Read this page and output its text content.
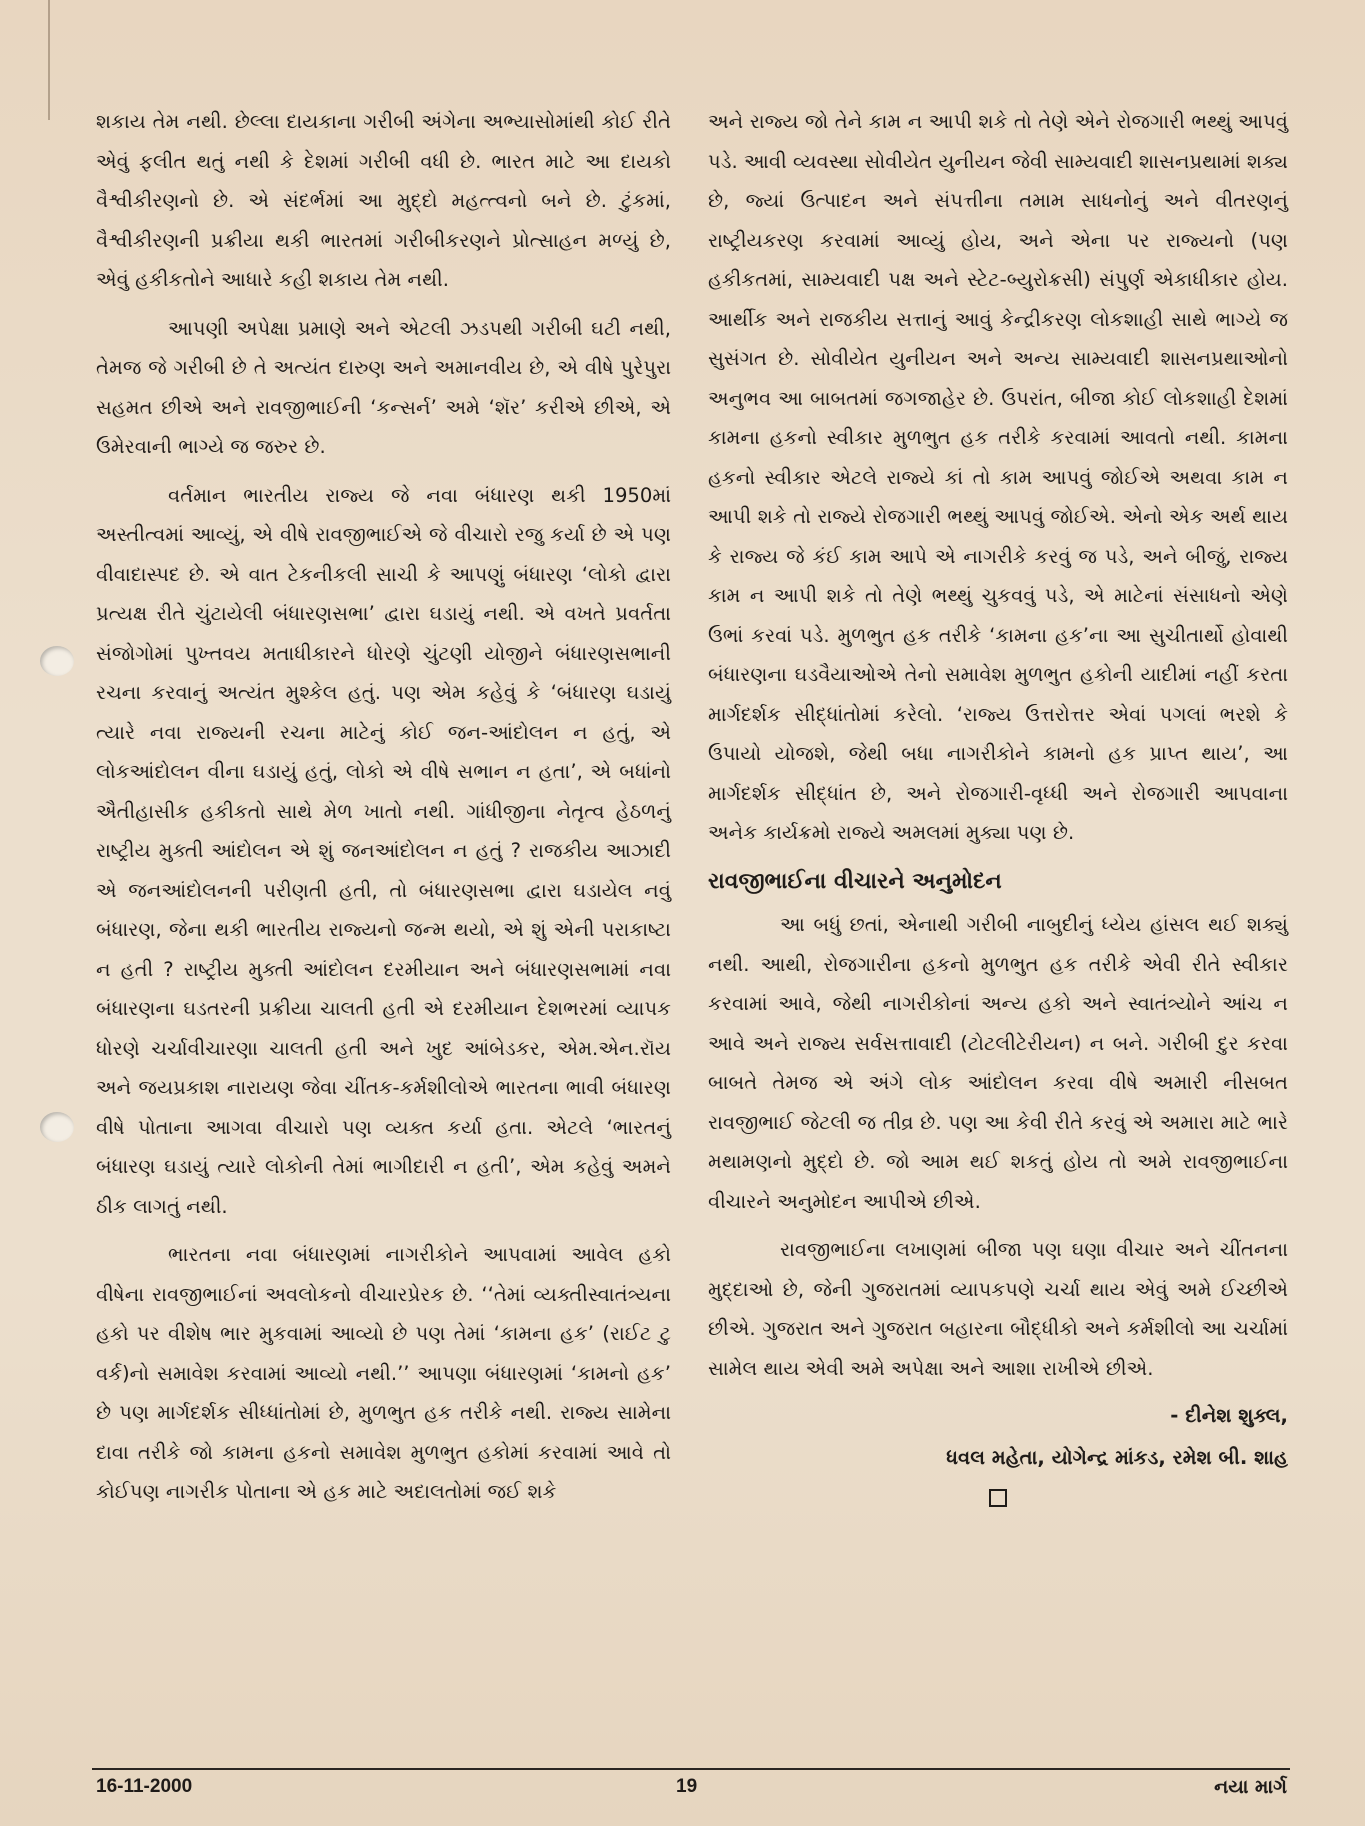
શકાય તેમ નથી. છેલ્લા દાયકાના ગરીબી અંગેના અભ્યાસોમાંથી કોઈ રીતે એવું ફલીત થતું નથી કે દેશમાં ગરીબી વધી છે. ભારત માટે આ દાયકો વૈશ્વીકીરણનો છે. એ સંદર્ભમાં આ મુદ્દો મહત્ત્વનો બને છે. ટુંકમાં, વૈશ્વીકીરણની પ્રક્રીયા થકી ભારતમાં ગરીબીકરણને પ્રોત્સાહન મળ્યું છે, એવું હકીકતોને આધારે કહી શકાય તેમ નથી.

આપણી અપેક્ષા પ્રમાણે અને એટલી ઝડપથી ગરીબી ઘટી નથી, તેમજ જે ગરીબી છે તે અત્યંત દારુણ અને અમાનવીય છે, એ વીષે પુરેપુરા સહમત છીએ અને રાવજીભાઈની ‘કન્સર્ન’ અમે ‘શૅર’ કરીએ છીએ, એ ઉમેરવાની ભાગ્યે જ જરુર છે.

વર્તમાન ભારતીય રાજ્ય જે નવા બંધારણ થકી 1950માં અસ્તીત્વમાં આવ્યું, એ વીષે રાવજીભાઈએ જે વીચારો રજુ કર્યા છે એ પણ વીવાદાસ્પદ છે. એ વાત ટેકનીકલી સાચી કે આપણું બંધારણ ‘લોકો દ્વારા પ્રત્યક્ષ રીતે ચુંટાયેલી બંધારણસભા’ દ્વારા ઘડાયું નથી. એ વખતે પ્રવર્તતા સંજોગોમાં પુખ્તવય મતાધીકારને ધોરણે ચુંટણી યોજીને બંધારણસભાની રચના કરવાનું અત્યંત મુશ્કેલ હતું. પણ એમ કહેવું કે ‘બંધારણ ઘડાયું ત્યારે નવા રાજ્યની રચના માટેનું કોઈ જન-આંદોલન ન હતું, એ લોકઆંદોલન વીના ઘડાયું હતું, લોકો એ વીષે સભાન ન હતા’, એ બધાંનો ઐતીહાસીક હકીકતો સાથે મેળ ખાતો નથી. ગાંધીજીના નેતૃત્વ હેઠળનું રાષ્ટ્રીય મુક્તી આંદોલન એ શું જનઆંદોલન ન હતું ? રાજકીય આઝાદી એ જનઆંદોલનની પરીણતી હતી, તો બંધારણસભા દ્વારા ઘડાયેલ નવું બંધારણ, જેના થકી ભારતીય રાજ્યનો જન્મ થયો, એ શું એની પરાકાષ્ટા ન હતી ? રાષ્ટ્રીય મુક્તી આંદોલન દરમીયાન અને બંધારણસભામાં નવા બંધારણના ઘડતરની પ્રક્રીયા ચાલતી હતી એ દરમીયાન દેશભરમાં વ્યાપક ધોરણે ચર્ચાવીચારણા ચાલતી હતી અને ખુદ આંબેડકર, એમ.એન.રૉય અને જયપ્રકાશ નારાયણ જેવા ચીંતક-કર્મશીલોએ ભારતના ભાવી બંધારણ વીષે પોતાના આગવા વીચારો પણ વ્યક્ત કર્યા હતા. એટલે ‘ભારતનું બંધારણ ઘડાયું ત્યારે લોકોની તેમાં ભાગીદારી ન હતી’, એમ કહેવું અમને ઠીક લાગતું નથી.

ભારતના નવા બંધારણમાં નાગરીકોને આપવામાં આવેલ હકો વીષેના રાવજીભાઈનાં અવલોકનો વીચારપ્રેરક છે. ‘‘તેમાં વ્યક્તીસ્વાતંત્ર્યના હકો પર વીશેષ ભાર મુકવામાં આવ્યો છે પણ તેમાં ‘કામના હક’ (રાઈટ ટુ વર્ક)નો સમાવેશ કરવામાં આવ્યો નથી.’’ આપણા બંધારણમાં ‘કામનો હક’ છે પણ માર્ગદર્શક સીધ્ધાંતોમાં છે, મુળભુત હક તરીકે નથી. રાજ્ય સામેના દાવા તરીકે જો કામના હકનો સમાવેશ મુળભુત હકોમાં કરવામાં આવે તો કોઈપણ નાગરીક પોતાના એ હક માટે અદાલતોમાં જઈ શકે

અને રાજ્ય જો તેને કામ ન આપી શકે તો તેણે એને રોજગારી ભથ્થું આપવું પડે. આવી વ્યવસ્થા સોવીયેત યુનીયન જેવી સામ્યવાદી શાસનપ્રથામાં શક્ય છે, જ્યાં ઉત્પાદન અને સંપત્તીના તમામ સાધનોનું અને વીતરણનું રાષ્ટ્રીયકરણ કરવામાં આવ્યું હોય, અને એના પર રાજ્યનો (પણ હકીકતમાં, સામ્યવાદી પક્ષ અને સ્ટેટ-બ્યુરોક્રસી) સંપુર્ણ એકાધીકાર હોય. આર્થીક અને રાજકીય સત્તાનું આવું કેન્દ્રીકરણ લોકશાહી સાથે ભાગ્યે જ સુસંગત છે. સોવીયેત યુનીયન અને અન્ય સામ્યવાદી શાસનપ્રથાઓનો અનુભવ આ બાબતમાં જગજાહેર છે. ઉપરાંત, બીજા કોઈ લોકશાહી દેશમાં કામના હકનો સ્વીકાર મુળભુત હક તરીકે કરવામાં આવતો નથી. કામના હકનો સ્વીકાર એટલે રાજ્યે કાં તો કામ આપવું જોઈએ અથવા કામ ન આપી શકે તો રાજ્યે રોજગારી ભથ્થું આપવું જોઈએ. એનો એક અર્થ થાય કે રાજ્ય જે કંઈ કામ આપે એ નાગરીકે કરવું જ પડે, અને બીજું, રાજ્ય કામ ન આપી શકે તો તેણે ભથ્થું ચુકવવું પડે, એ માટેનાં સંસાધનો એણે ઉભાં કરવાં પડે. મુળભુત હક તરીકે ‘કામના હક’ના આ સુચીતાર્થો હોવાથી બંધારણના ઘડવૈયાઓએ તેનો સમાવેશ મુળભુત હકોની યાદીમાં નહીં કરતા માર્ગદર્શક સીદ્ધાંતોમાં કરેલો. ‘રાજ્ય ઉત્તરોત્તર એવાં પગલાં ભરશે કે ઉપાયો યોજશે, જેથી બધા નાગરીકોને કામનો હક પ્રાપ્ત થાય’, આ માર્ગદર્શક સીદ્ધાંત છે, અને રોજગારી-વૃધ્ધી અને રોજગારી આપવાના અનેક કાર્યક્રમો રાજ્યે અમલમાં મુક્યા પણ છે.

રાવજીભાઈના વીચારને અનુમોદન

આ બધું છતાં, એનાથી ગરીબી નાબુદીનું ધ્યેય હાંસલ થઈ શક્યું નથી. આથી, રોજગારીના હકનો મુળભુત હક તરીકે એવી રીતે સ્વીકાર કરવામાં આવે, જેથી નાગરીકોનાં અન્ય હકો અને સ્વાતંત્ર્યોને આંચ ન આવે અને રાજ્ય સર્વસત્તાવાદી (ટોટલીટેરીયન) ન બને. ગરીબી દુર કરવા બાબતે તેમજ એ અંગે લોક આંદોલન કરવા વીષે અમારી નીસબત રાવજીભાઈ જેટલી જ તીવ્ર છે. પણ આ કેવી રીતે કરવું એ અમારા માટે ભારે મથામણનો મુદ્દો છે. જો આમ થઈ શકતું હોય તો અમે રાવજીભાઈના વીચારને અનુમોદન આપીએ છીએ.

રાવજીભાઈના લખાણમાં બીજા પણ ઘણા વીચાર અને ચીંતનના મુદ્દાઓ છે, જેની ગુજરાતમાં વ્યાપકપણે ચર્ચા થાય એવું અમે ઈચ્છીએ છીએ. ગુજરાત અને ગુજરાત બહારના બૌદ્ધીકો અને કર્મશીલો આ ચર્ચામાં સામેલ થાય એવી અમે અપેક્ષા અને આશા રાખીએ છીએ.

- દીનેશ શુક્લ,
ધવલ મહેતા, યોગેન્દ્ર માંકડ, રમેશ બી. શાહ
16-11-2000	19	નયા માર્ગ
